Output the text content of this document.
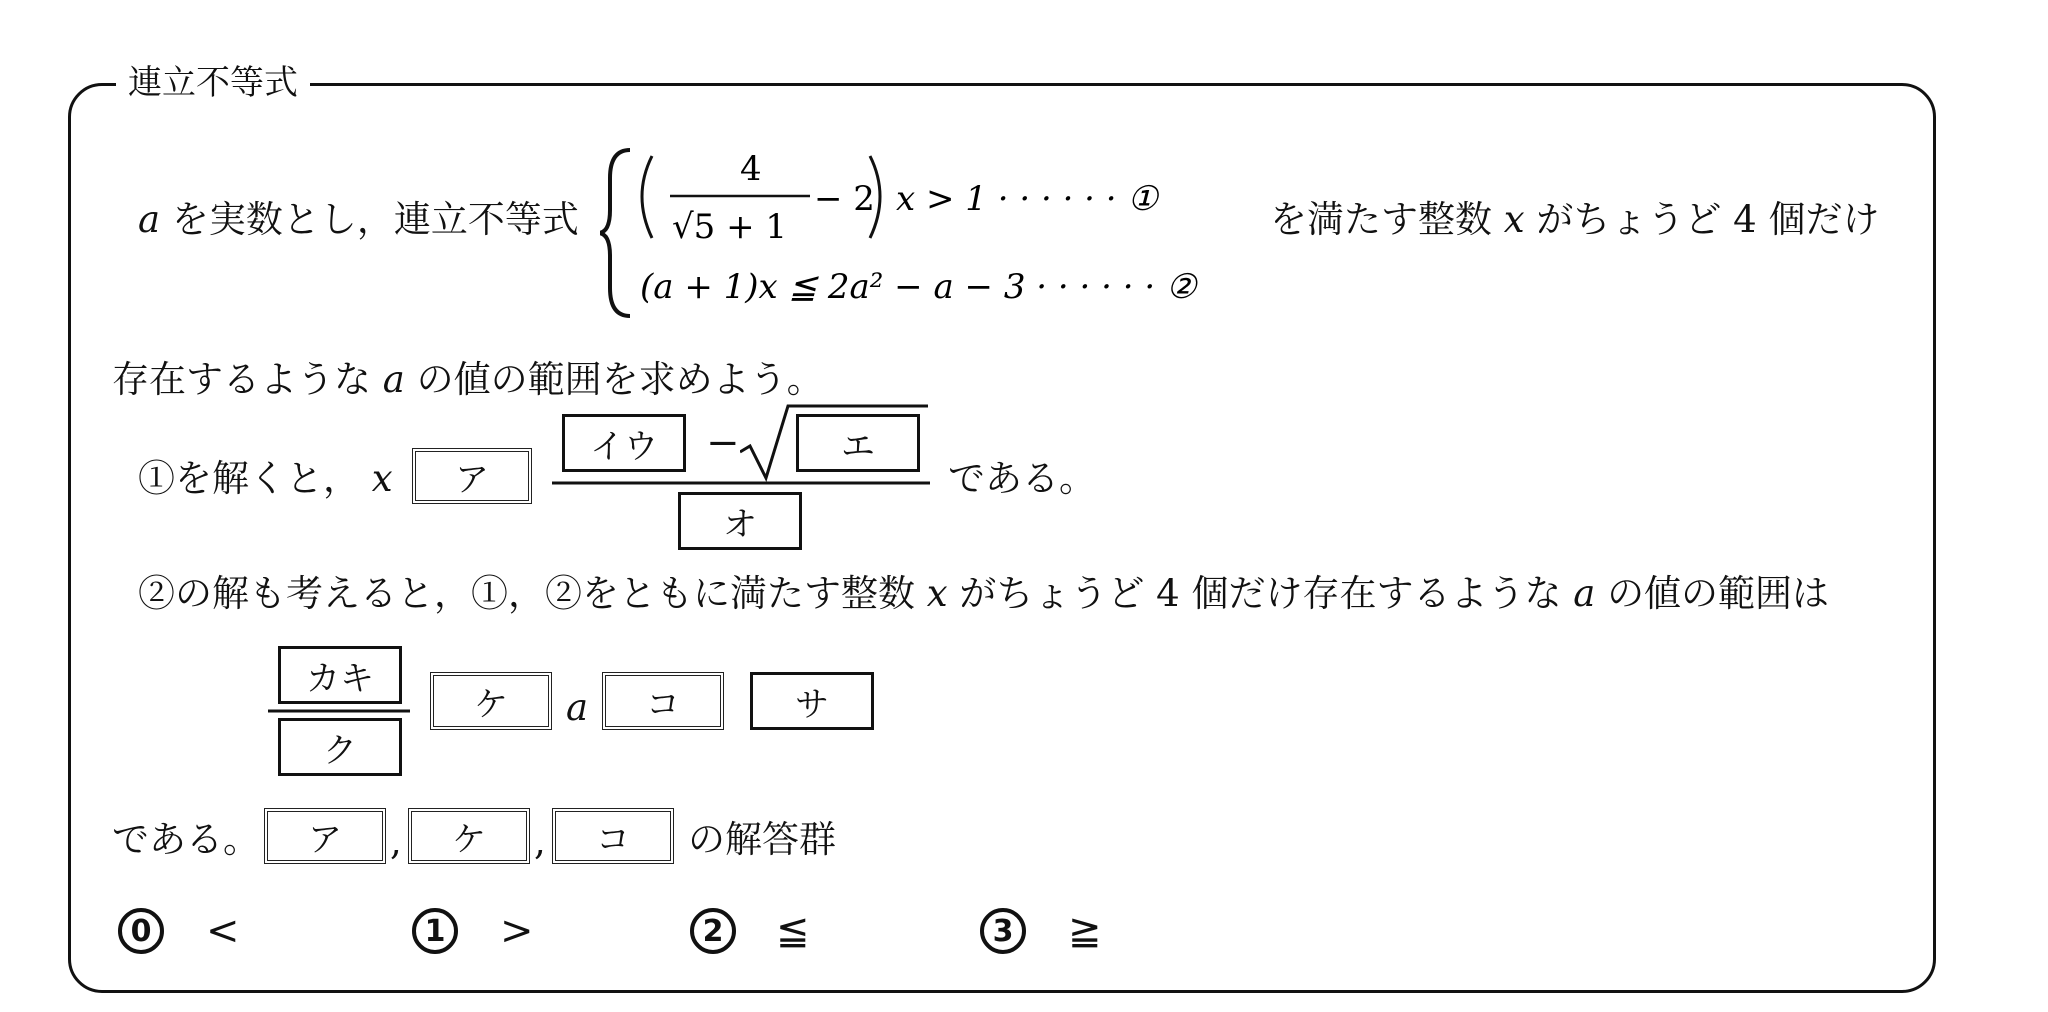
連立不等式
a を実数とし，連立不等式
4
√5 + 1
− 2 x > 1 · · · · · · ①
(a + 1)x ≦ 2a² − a − 3 · · · · · · ②
を満たす整数 x がちょうど 4 個だけ
存在するような a の値の範囲を求めよう。
①を解くと， x	ア
イウ	−	エ
オ
である。
②の解も考えると，①，②をともに満たす整数 x がちょうど 4 個だけ存在するような a の値の範囲は
カキ
ク
ケ	a	コ	サ
である。	ア	,	ケ	,	コ	の解答群
0	<	1	>	2	≦	3	≧
